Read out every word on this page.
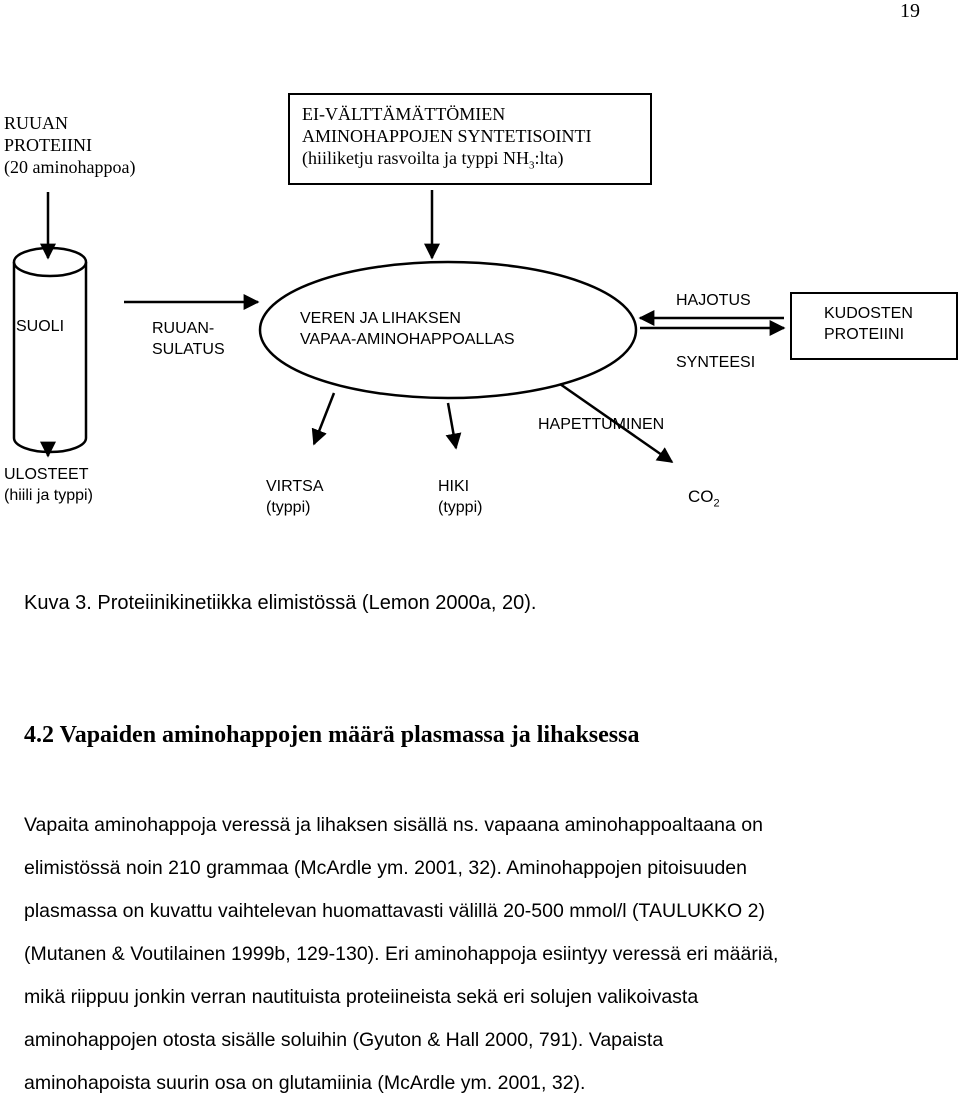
19
RUUAN
PROTEIINI
(20 aminohappoa)
EI-VÄLTTÄMÄTTÖMIEN
AMINOHAPPOJEN SYNTETISOINTI
(hiiliketju rasvoilta ja typpi $NH_3:lta$)
SUOLI	RUUAN-
SULATUS
VEREN JA LIHAKSEN
VAPAA-AMINOHAPPOALLAS
HAJOTUS
SYNTEESI
KUDOSTEN
PROTEIINI
HAPETTUMINEN
ULOSTEET
(hiili ja typpi)
VIRTSA
(typpi)
HIKI
(typpi)
$CO_2$
Kuva 3. Proteiinikinetiikka elimistössä (Lemon 2000a, 20).
4.2 Vapaiden aminohappojen määrä plasmassa ja lihaksessa
Vapaita aminohappoja veressä ja lihaksen sisällä ns. vapaana aminohappoaltaana on
elimistössä noin 210 grammaa (McArdle ym. 2001, 32). Aminohappojen pitoisuuden
plasmassa on kuvattu vaihtelevan huomattavasti välillä 20-500 mmol/l (TAULUKKO 2)
(Mutanen & Voutilainen 1999b, 129-130). Eri aminohappoja esiintyy veressä eri määriä,
mikä riippuu jonkin verran nautituista proteiineista sekä eri solujen valikoivasta
aminohappojen otosta sisälle soluihin (Gyuton & Hall 2000, 791). Vapaista
aminohapoista suurin osa on glutamiinia (McArdle ym. 2001, 32).
